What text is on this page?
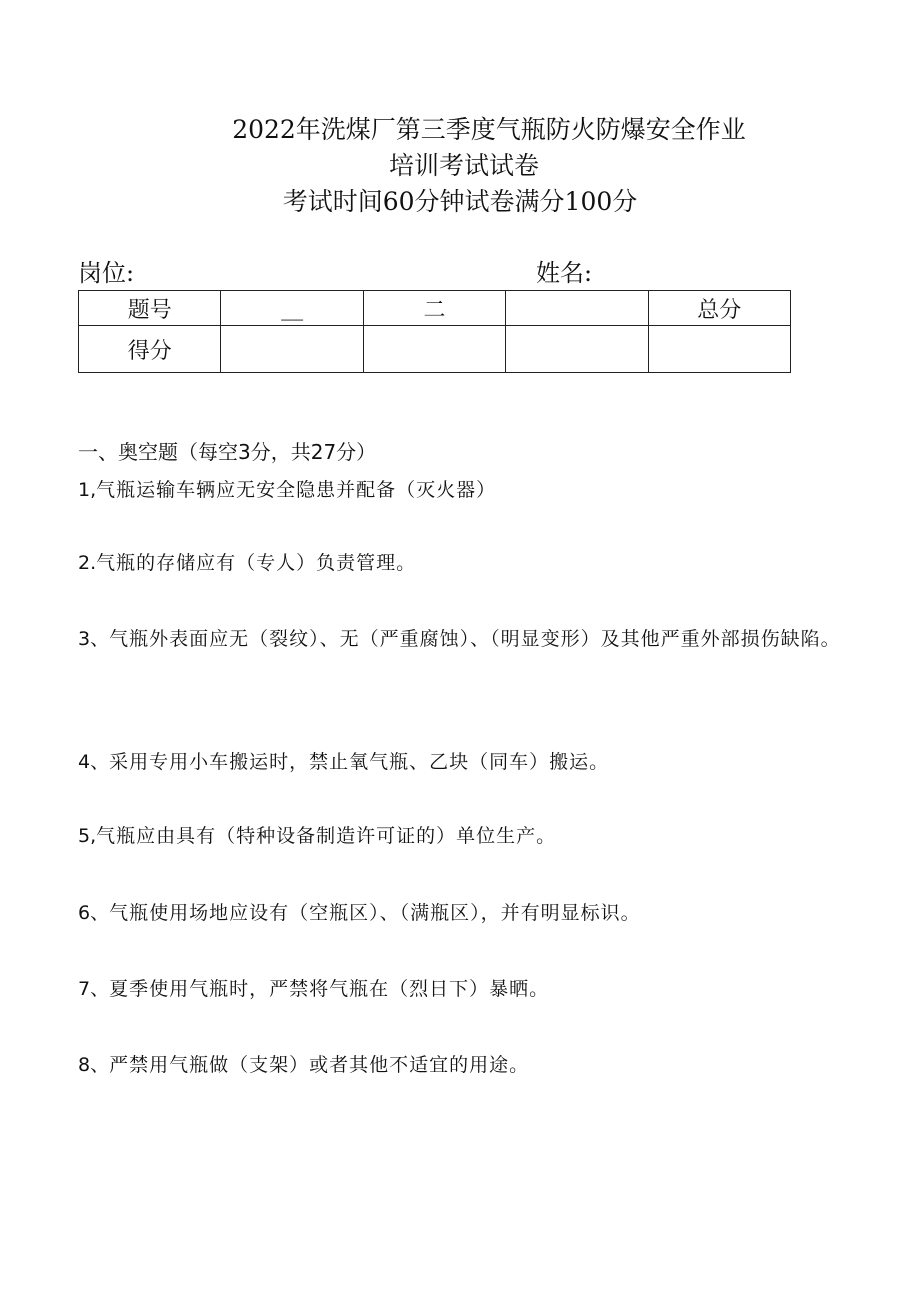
2022年洗煤厂第三季度气瓶防火防爆安全作业
培训考试试卷
考试时间60分钟试卷满分100分
岗位:	姓名:
题号	__	二		总分
得分				
一、奥空题（每空3分，共27分）
1,气瓶运输车辆应无安全隐患并配备（灭火器）
2.气瓶的存储应有（专人）负责管理。
3、气瓶外表面应无（裂纹）、无（严重腐蚀）、（明显变形）及其他严重外部损伤缺陷。
4、采用专用小车搬运时，禁止氧气瓶、乙块（同车）搬运。
5,气瓶应由具有（特种设备制造许可证的）单位生产。
6、气瓶使用场地应设有（空瓶区）、（满瓶区），并有明显标识。
7、夏季使用气瓶时，严禁将气瓶在（烈日下）暴晒。
8、严禁用气瓶做（支架）或者其他不适宜的用途。
